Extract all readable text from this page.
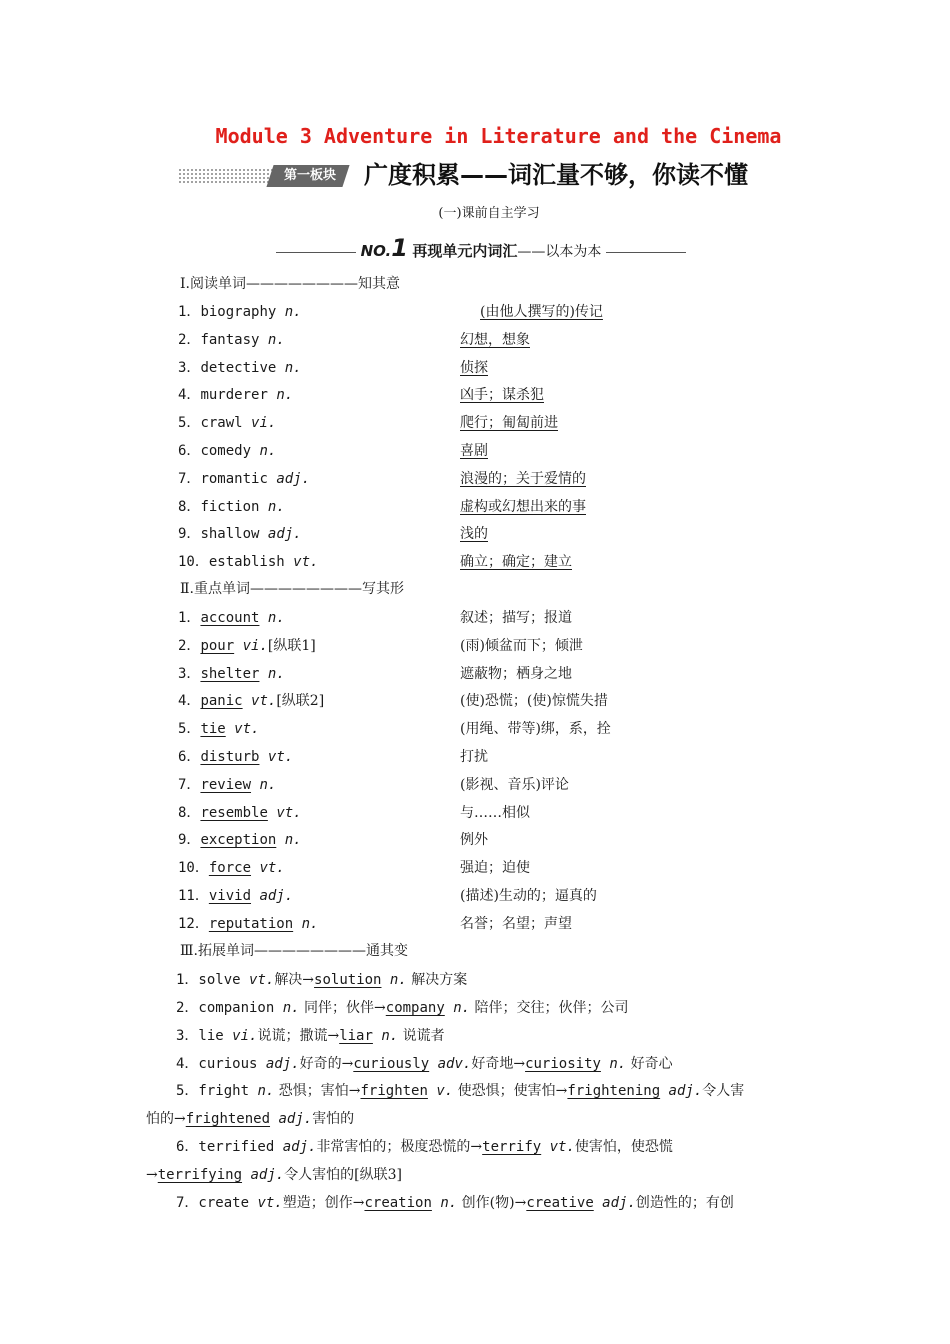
Module 3 Adventure in Literature and the Cinema
第一板块	广度积累——词汇量不够，你读不懂
(一)课前自主学习
NO.1 再现单元内词汇——以本为本
Ⅰ.阅读单词————————知其意
1．biography n.	(由他人撰写的)传记
2．fantasy n.	幻想，想象
3．detective n.	侦探
4．murderer n.	凶手；谋杀犯
5．crawl vi.	爬行；匍匐前进
6．comedy n.	喜剧
7．romantic adj.	浪漫的；关于爱情的
8．fiction n.	虚构或幻想出来的事
9．shallow adj.	浅的
10．establish vt.	确立；确定；建立
Ⅱ.重点单词————————写其形
1．account n.	叙述；描写；报道
2．pour vi.[纵联1]	(雨)倾盆而下；倾泄
3．shelter n.	遮蔽物；栖身之地
4．panic vt.[纵联2]	(使)恐慌；(使)惊慌失措
5．tie vt.	(用绳、带等)绑，系，拴
6．disturb vt.	打扰
7．review n.	(影视、音乐)评论
8．resemble vt.	与……相似
9．exception n.	例外
10．force vt.	强迫；迫使
11．vivid adj.	(描述)生动的；逼真的
12．reputation n.	名誉；名望；声望
Ⅲ.拓展单词————————通其变
1．solve vt.解决→solution n. 解决方案
2．companion n. 同伴；伙伴→company n. 陪伴；交往；伙伴；公司
3．lie vi.说谎；撒谎→liar n. 说谎者
4．curious adj.好奇的→curiously adv.好奇地→curiosity n. 好奇心
5．fright n. 恐惧；害怕→frighten v. 使恐惧；使害怕→frightening adj.令人害
怕的→frightened adj.害怕的
6．terrified adj.非常害怕的；极度恐慌的→terrify vt.使害怕，使恐慌
→terrifying adj.令人害怕的[纵联3]
7．create vt.塑造；创作→creation n. 创作(物)→creative adj.创造性的；有创
